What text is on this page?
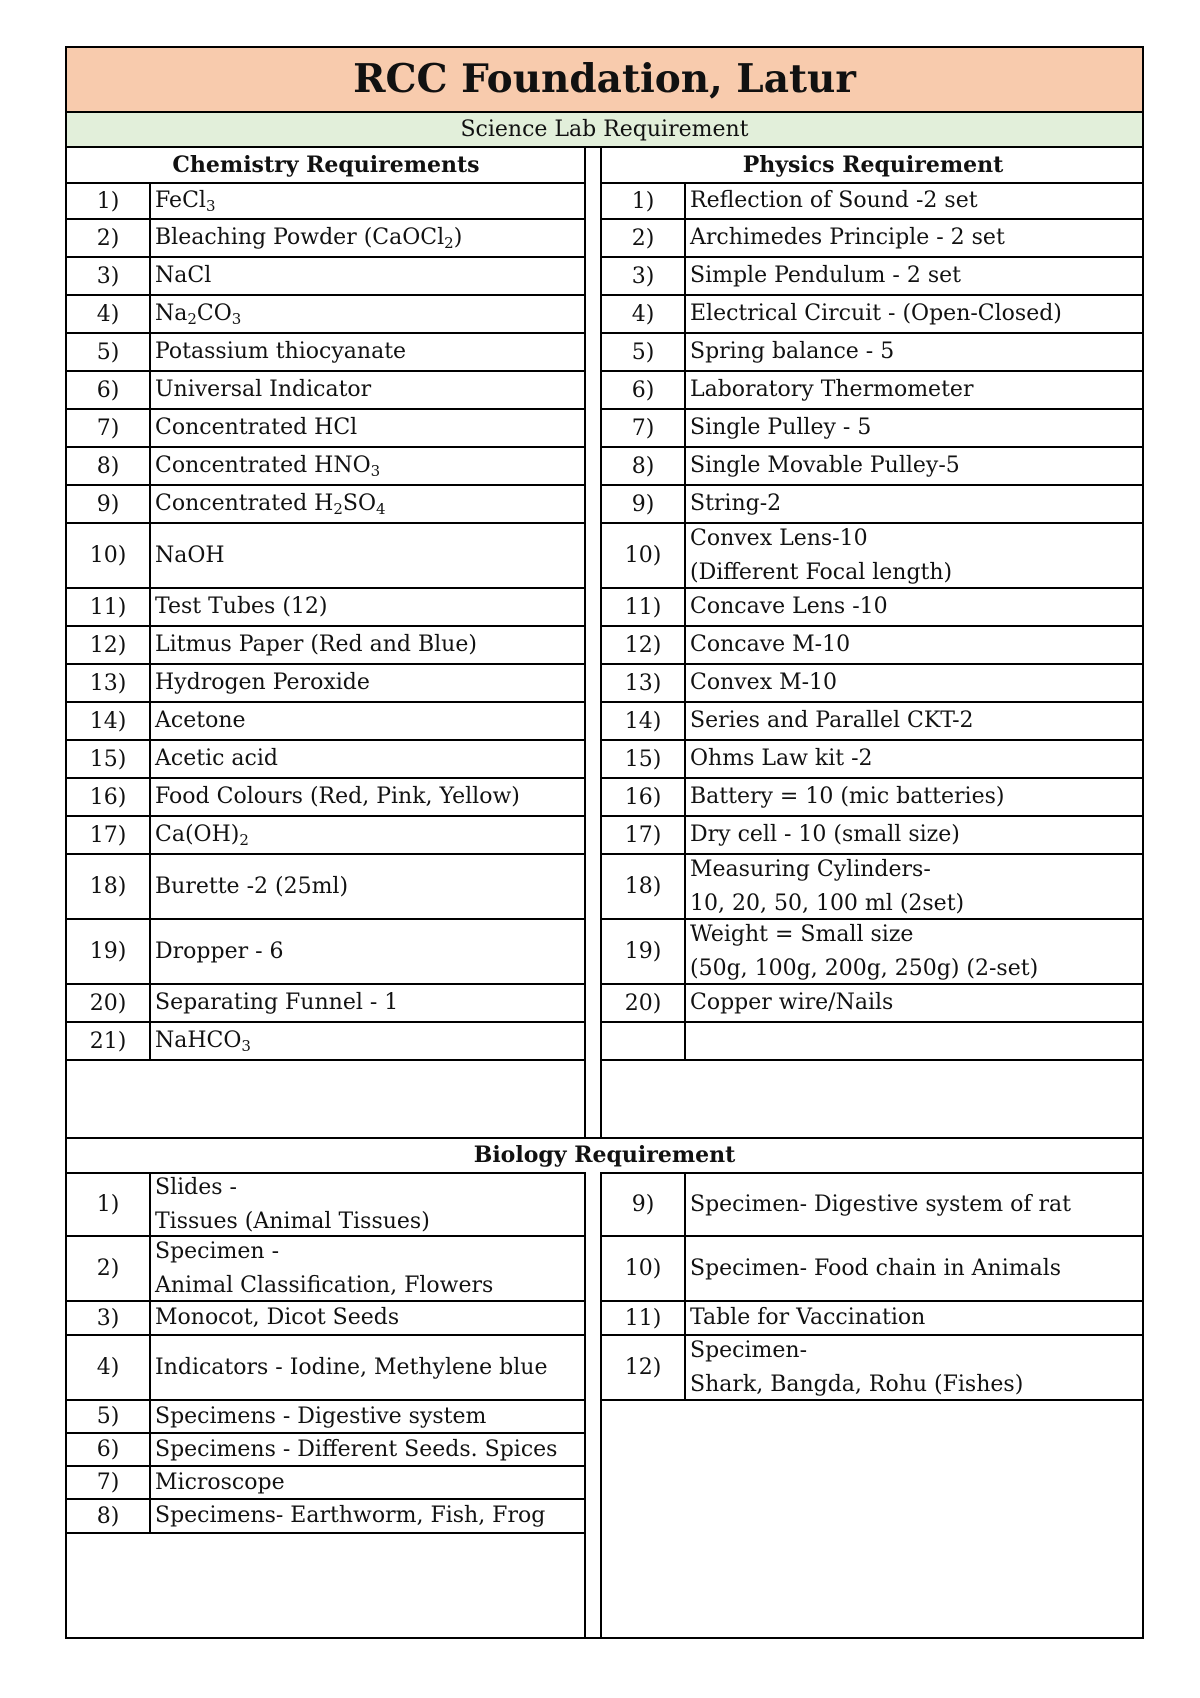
RCC Foundation, Latur
Science Lab Requirement
Chemistry Requirements	Physics Requirement
1)	FeCl$_3$
2)	Bleaching Powder (CaOCl$_2$)
3)	NaCl
4)	$Na_2CO_3$
5)	Potassium thiocyanate
6)	Universal Indicator
7)	Concentrated HCl
8)	Concentrated $HNO_3$
9)	Concentrated $H_2SO_4$
10)	NaOH
11)	Test Tubes (12)
12)	Litmus Paper (Red and Blue)
13)	Hydrogen Peroxide
14)	Acetone
15)	Acetic acid
16)	Food Colours (Red, Pink, Yellow)
17)	$Ca(OH)_2$
18)	Burette -2 (25ml)
19)	Dropper - 6
20)	Separating Funnel - 1
21)	NaHCO$_3$
1)	Reflection of Sound -2 set
2)	Archimedes Principle - 2 set
3)	Simple Pendulum - 2 set
4)	Electrical Circuit - (Open-Closed)
5)	Spring balance - 5
6)	Laboratory Thermometer
7)	Single Pulley - 5
8)	Single Movable Pulley-5
9)	String-2
10)
Convex Lens-10
(Different Focal length)
11)	Concave Lens -10
12)	Concave M-10
13)	Convex M-10
14)	Series and Parallel CKT-2
15)	Ohms Law kit -2
16)	Battery = 10 (mic batteries)
17)	Dry cell - 10 (small size)
18)
Measuring Cylinders-
10, 20, 50, 100 ml (2set)
19)
Weight = Small size
(50g, 100g, 200g, 250g) (2-set)
20)	Copper wire/Nails
Biology Requirement
1)
Slides -
Tissues (Animal Tissues)
2)
Specimen -
Animal Classification, Flowers
3)	Monocot, Dicot Seeds
4)	Indicators - Iodine, Methylene blue
5)	Specimens - Digestive system
6)	Specimens - Different Seeds. Spices
7)	Microscope
8)	Specimens- Earthworm, Fish, Frog
9)	Specimen- Digestive system of rat
10)	Specimen- Food chain in Animals
11)	Table for Vaccination
12)
Specimen-
Shark, Bangda, Rohu (Fishes)
